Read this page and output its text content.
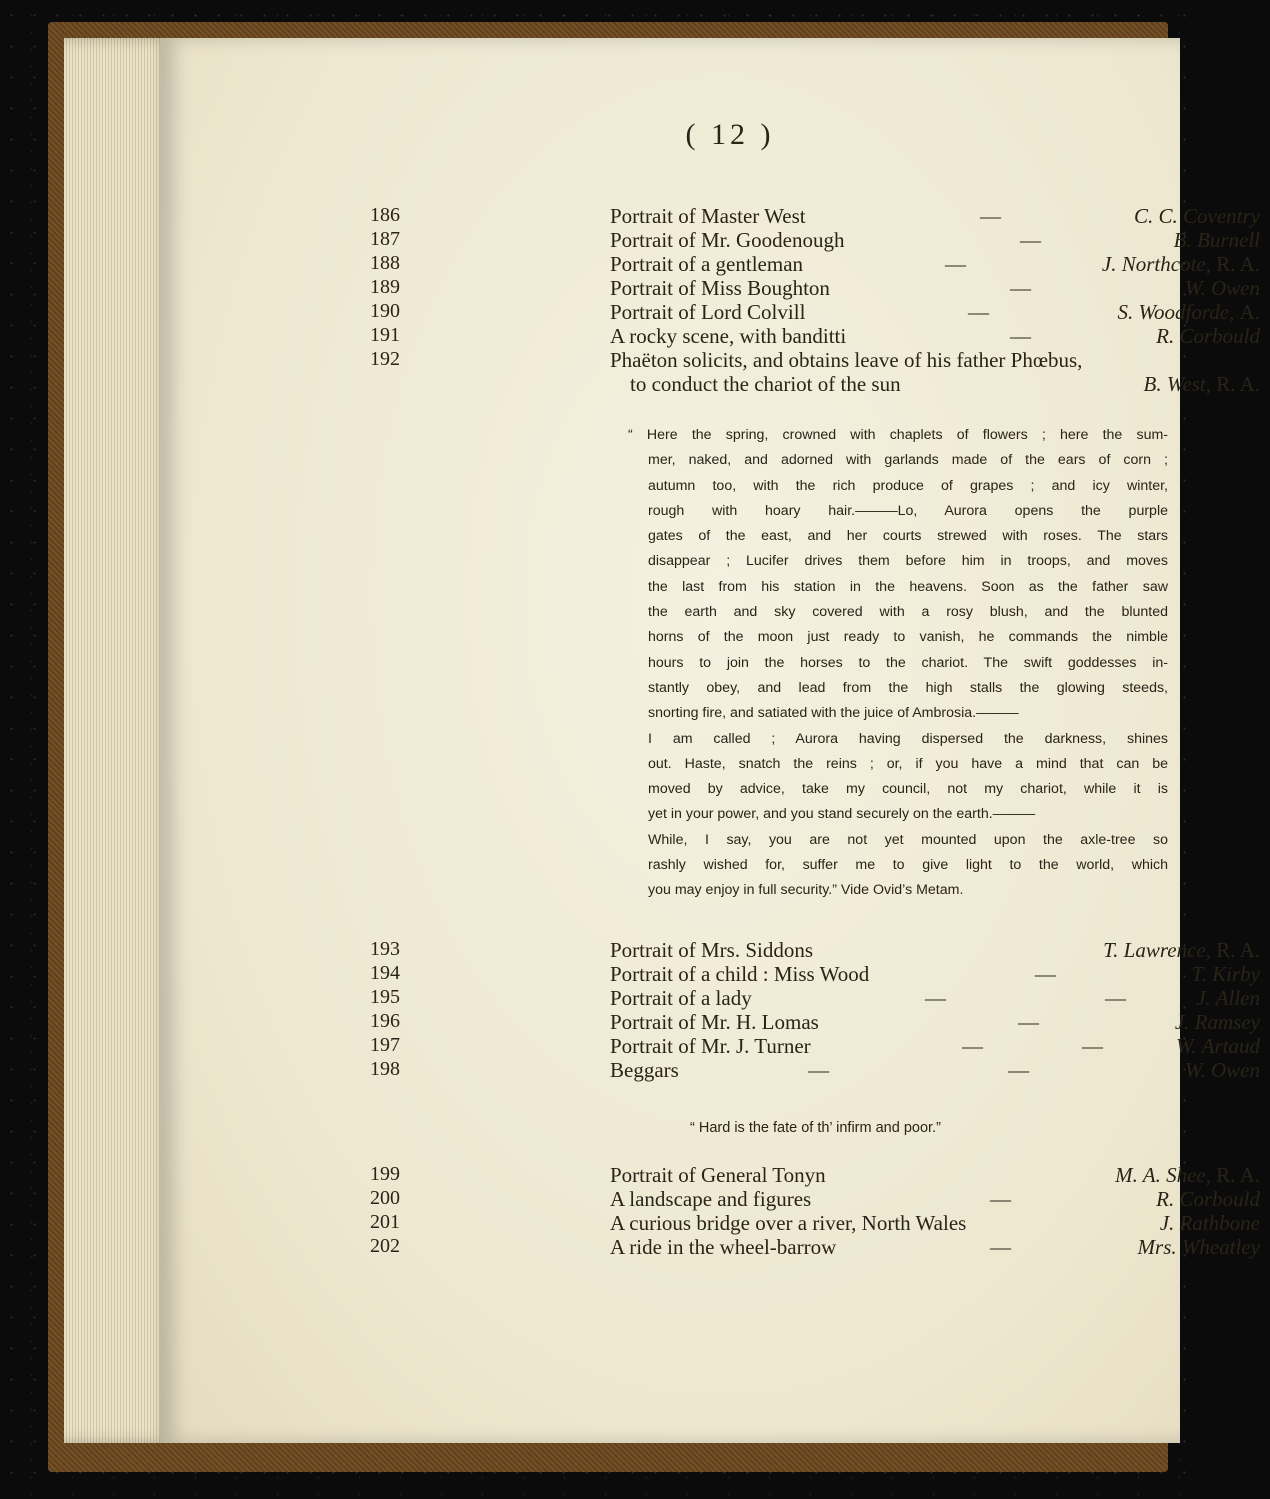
( 12 )
186	Portrait of Master West	—	C. C. Coventry
187	Portrait of Mr. Goodenough	—	B. Burnell
188	Portrait of a gentleman	—	J. Northcote, R. A.
189	Portrait of Miss Boughton	—	W. Owen
190	Portrait of Lord Colvill	—	S. Woodforde, A.
191	A rocky scene, with banditti	—	R. Corbould
192	Phaëton solicits, and obtains leave of his father Phœbus,
to conduct the chariot of the sun	B. West, R. A.
“ Here the spring, crowned with chaplets of flowers ; here the sum-
mer, naked, and adorned with garlands made of the ears of corn ;
autumn too, with the rich produce of grapes ; and icy winter,
rough with hoary hair.———Lo, Aurora opens the purple
gates of the east, and her courts strewed with roses. The stars
disappear ; Lucifer drives them before him in troops, and moves
the last from his station in the heavens. Soon as the father saw
the earth and sky covered with a rosy blush, and the blunted
horns of the moon just ready to vanish, he commands the nimble
hours to join the horses to the chariot. The swift goddesses in-
stantly obey, and lead from the high stalls the glowing steeds,
snorting fire, and satiated with the juice of Ambrosia.———
I am called ; Aurora having dispersed the darkness, shines
out. Haste, snatch the reins ; or, if you have a mind that can be
moved by advice, take my council, not my chariot, while it is
yet in your power, and you stand securely on the earth.———
While, I say, you are not yet mounted upon the axle-tree so
rashly wished for, suffer me to give light to the world, which
you may enjoy in full security.” Vide Ovid’s Metam.
193	Portrait of Mrs. Siddons	T. Lawrence, R. A.
194	Portrait of a child : Miss Wood	—	T. Kirby
195	Portrait of a lady	—	—	J. Allen
196	Portrait of Mr. H. Lomas	—	J. Ramsey
197	Portrait of Mr. J. Turner	—	—	W. Artaud
198	Beggars	—	—	W. Owen
“ Hard is the fate of th’ infirm and poor.”
199	Portrait of General Tonyn	M. A. Shee, R. A.
200	A landscape and figures	—	R. Corbould
201	A curious bridge over a river, North Wales	J. Rathbone
202	A ride in the wheel-barrow	—	Mrs. Wheatley
